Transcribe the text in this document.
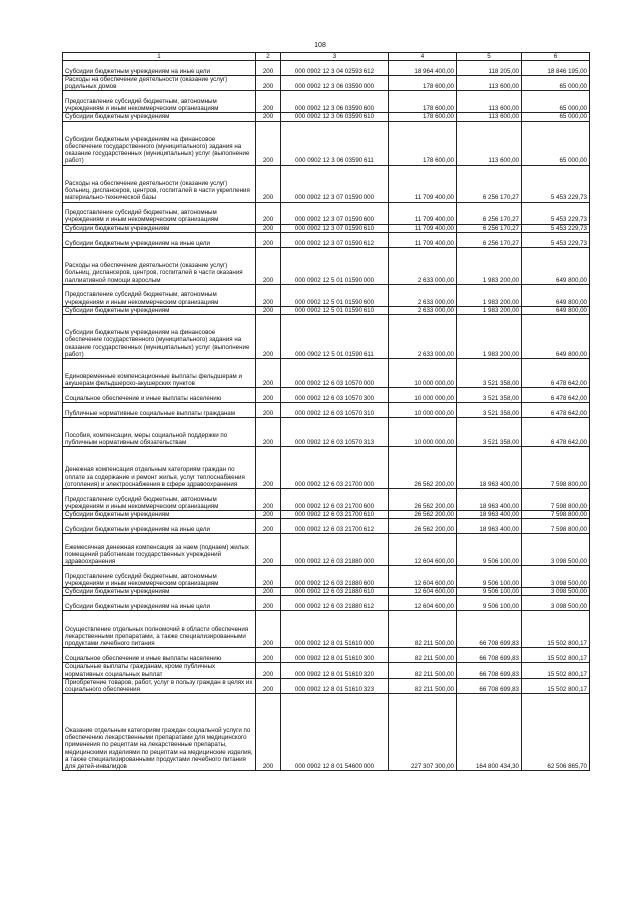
108
1	2	3	4	5	6
Субсидии бюджетным учреждениям на иные цели	200	000 0902 12 3 04 02593 612	18 964 400,00	118 205,00	18 846 195,00
Расходы на обеспечение деятельности (оказание услуг) родильных домов	200	000 0902 12 3 06 03590 000	178 600,00	113 600,00	65 000,00
Предоставление субсидий бюджетным, автономным учреждениям и иным некоммерческим организациям	200	000 0902 12 3 06 03590 600	178 600,00	113 600,00	65 000,00
Субсидии бюджетным учреждениям	200	000 0902 12 3 06 03590 610	178 600,00	113 600,00	65 000,00
Субсидии бюджетным учреждениям на финансовое обеспечение государственного (муниципального) задания на оказание государственных (муниципальных) услуг (выполнение работ)	200	000 0902 12 3 06 03590 611	178 600,00	113 600,00	65 000,00
Расходы на обеспечение деятельности (оказание услуг) больниц, диспансеров, центров, госпиталей в части укрепления материально-технической базы	200	000 0902 12 3 07 01590 000	11 709 400,00	6 256 170,27	5 453 229,73
Предоставление субсидий бюджетным, автономным учреждениям и иным некоммерческим организациям	200	000 0902 12 3 07 01590 600	11 709 400,00	6 256 170,27	5 453 229,73
Субсидии бюджетным учреждениям	200	000 0902 12 3 07 01590 610	11 709 400,00	6 256 170,27	5 453 229,73
Субсидии бюджетным учреждениям на иные цели	200	000 0902 12 3 07 01590 612	11 709 400,00	6 256 170,27	5 453 229,73
Расходы на обеспечение деятельности (оказание услуг) больниц, диспансеров, центров, госпиталей в части оказания паллиативной помощи взрослым	200	000 0902 12 5 01 01590 000	2 633 000,00	1 983 200,00	649 800,00
Предоставление субсидий бюджетным, автономным учреждениям и иным некоммерческим организациям	200	000 0902 12 5 01 01590 600	2 633 000,00	1 983 200,00	649 800,00
Субсидии бюджетным учреждениям	200	000 0902 12 5 01 01590 610	2 633 000,00	1 983 200,00	649 800,00
Субсидии бюджетным учреждениям на финансовое обеспечение государственного (муниципального) задания на оказание государственных (муниципальных) услуг (выполнение работ)	200	000 0902 12 5 01 01590 611	2 633 000,00	1 983 200,00	649 800,00
Единовременные компенсационные выплаты фельдшерам и акушерам фельдшерско-акушерских пунктов	200	000 0902 12 6 03 10570 000	10 000 000,00	3 521 358,00	6 478 642,00
Социальное обеспечение и иные выплаты населению	200	000 0902 12 6 03 10570 300	10 000 000,00	3 521 358,00	6 478 642,00
Публичные нормативные социальные выплаты гражданам	200	000 0902 12 6 03 10570 310	10 000 000,00	3 521 358,00	6 478 642,00
Пособия, компенсации, меры социальной поддержки по публичным нормативным обязательствам	200	000 0902 12 6 03 10570 313	10 000 000,00	3 521 358,00	6 478 642,00
Денежная компенсация отдельным категориям граждан по оплате за содержание и ремонт жилья, услуг теплоснабжения (отопления) и электроснабжения в сфере здравоохранения	200	000 0902 12 6 03 21700 000	26 562 200,00	18 963 400,00	7 598 800,00
Предоставление субсидий бюджетным, автономным учреждениям и иным некоммерческим организациям	200	000 0902 12 6 03 21700 600	26 562 200,00	18 963 400,00	7 598 800,00
Субсидии бюджетным учреждениям	200	000 0902 12 6 03 21700 610	26 562 200,00	18 963 400,00	7 598 800,00
Субсидии бюджетным учреждениям на иные цели	200	000 0902 12 6 03 21700 612	26 562 200,00	18 963 400,00	7 598 800,00
Ежемесячная денежная компенсация за наем (поднаем) жилых помещений работникам государственных учреждений здравоохранения	200	000 0902 12 6 03 21880 000	12 604 600,00	9 506 100,00	3 098 500,00
Предоставление субсидий бюджетным, автономным учреждениям и иным некоммерческим организациям	200	000 0902 12 6 03 21880 600	12 604 600,00	9 506 100,00	3 098 500,00
Субсидии бюджетным учреждениям	200	000 0902 12 6 03 21880 610	12 604 600,00	9 506 100,00	3 098 500,00
Субсидии бюджетным учреждениям на иные цели	200	000 0902 12 6 03 21880 612	12 604 600,00	9 506 100,00	3 098 500,00
Осуществление отдельных полномочий в области обеспечения лекарственными препаратами, а также специализированными продуктами лечебного питания	200	000 0902 12 8 01 51610 000	82 211 500,00	66 708 699,83	15 502 800,17
Социальное обеспечение и иные выплаты населению	200	000 0902 12 8 01 51610 300	82 211 500,00	66 708 699,83	15 502 800,17
Социальные выплаты гражданам, кроме публичных нормативных социальных выплат	200	000 0902 12 8 01 51610 320	82 211 500,00	66 708 699,83	15 502 800,17
Приобретение товаров, работ, услуг в пользу граждан в целях их социального обеспечения	200	000 0902 12 8 01 51610 323	82 211 500,00	66 708 699,83	15 502 800,17
Оказание отдельным категориям граждан социальной услуги по обеспечению лекарственными препаратами для медицинского применения по рецептам на лекарственные препараты, медицинскими изделиями по рецептам на медицинские изделия, а также специализированными продуктами лечебного питания для детей-инвалидов	200	000 0902 12 8 01 54600 000	227 307 300,00	164 800 434,30	62 506 865,70
